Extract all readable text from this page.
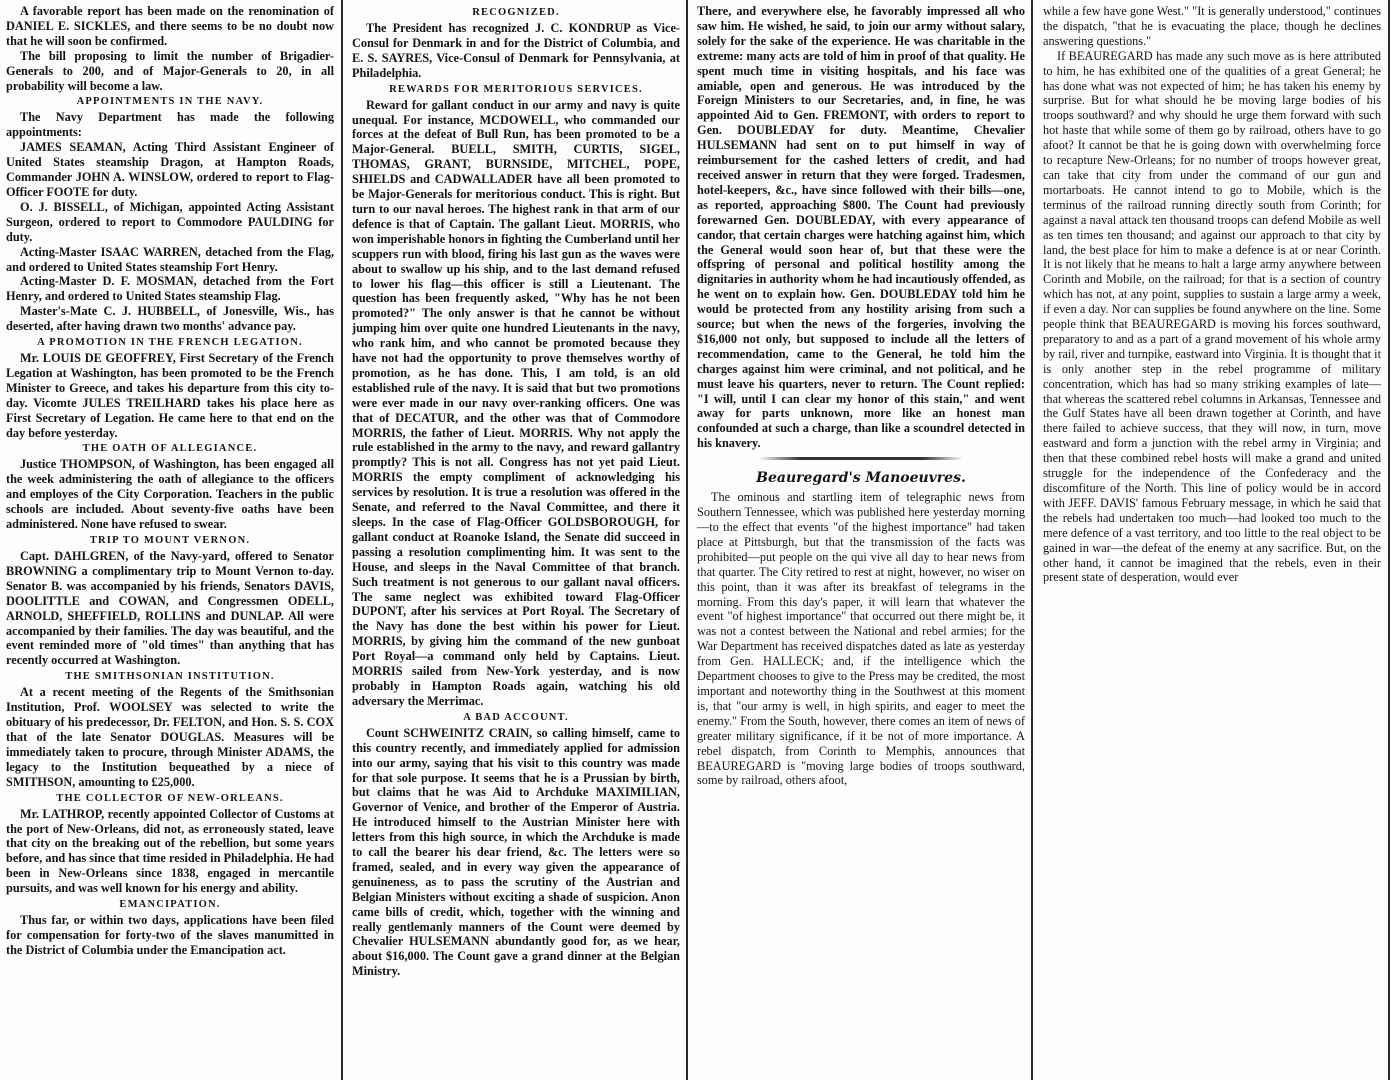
A favorable report has been made on the renomination of DANIEL E. SICKLES, and there seems to be no doubt now that he will soon be confirmed.

The bill proposing to limit the number of Brigadier-Generals to 200, and of Major-Generals to 20, in all probability will become a law.

APPOINTMENTS IN THE NAVY.

The Navy Department has made the following appointments:

JAMES SEAMAN, Acting Third Assistant Engineer of United States steamship Dragon, at Hampton Roads, Commander JOHN A. WINSLOW, ordered to report to Flag-Officer FOOTE for duty.

O. J. BISSELL, of Michigan, appointed Acting Assistant Surgeon, ordered to report to Commodore PAULDING for duty.

Acting-Master ISAAC WARREN, detached from the Flag, and ordered to United States steamship Fort Henry.

Acting-Master D. F. MOSMAN, detached from the Fort Henry, and ordered to United States steamship Flag.

Master's-Mate C. J. HUBBELL, of Jonesville, Wis., has deserted, after having drawn two months' advance pay.

A PROMOTION IN THE FRENCH LEGATION.

Mr. LOUIS DE GEOFFREY, First Secretary of the French Legation at Washington, has been promoted to be the French Minister to Greece, and takes his departure from this city to-day. Vicomte JULES TREILHARD takes his place here as First Secretary of Legation. He came here to that end on the day before yesterday.

THE OATH OF ALLEGIANCE.

Justice THOMPSON, of Washington, has been engaged all the week administering the oath of allegiance to the officers and employes of the City Corporation. Teachers in the public schools are included. About seventy-five oaths have been administered. None have refused to swear.

TRIP TO MOUNT VERNON.

Capt. DAHLGREN, of the Navy-yard, offered to Senator BROWNING a complimentary trip to Mount Vernon to-day. Senator B. was accompanied by his friends, Senators DAVIS, DOOLITTLE and COWAN, and Congressmen ODELL, ARNOLD, SHEFFIELD, ROLLINS and DUNLAP. All were accompanied by their families. The day was beautiful, and the event reminded more of "old times" than anything that has recently occurred at Washington.

THE SMITHSONIAN INSTITUTION.

At a recent meeting of the Regents of the Smithsonian Institution, Prof. WOOLSEY was selected to write the obituary of his predecessor, Dr. FELTON, and Hon. S. S. COX that of the late Senator DOUGLAS. Measures will be immediately taken to procure, through Minister ADAMS, the legacy to the Institution bequeathed by a niece of SMITHSON, amounting to £25,000.

THE COLLECTOR OF NEW-ORLEANS.

Mr. LATHROP, recently appointed Collector of Customs at the port of New-Orleans, did not, as erroneously stated, leave that city on the breaking out of the rebellion, but some years before, and has since that time resided in Philadelphia. He had been in New-Orleans since 1838, engaged in mercantile pursuits, and was well known for his energy and ability.

EMANCIPATION.

Thus far, or within two days, applications have been filed for compensation for forty-two of the slaves manumitted in the District of Columbia under the Emancipation act.

RECOGNIZED.

The President has recognized J. C. KONDRUP as Vice-Consul for Denmark in and for the District of Columbia, and E. S. SAYRES, Vice-Consul of Denmark for Pennsylvania, at Philadelphia.

REWARDS FOR MERITORIOUS SERVICES.

Reward for gallant conduct in our army and navy is quite unequal. For instance, MCDOWELL, who commanded our forces at the defeat of Bull Run, has been promoted to be a Major-General. BUELL, SMITH, CURTIS, SIGEL, THOMAS, GRANT, BURNSIDE, MITCHEL, POPE, SHIELDS and CADWALLADER have all been promoted to be Major-Generals for meritorious conduct. This is right. But turn to our naval heroes. The highest rank in that arm of our defence is that of Captain. The gallant Lieut. MORRIS, who won imperishable honors in fighting the Cumberland until her scuppers run with blood, firing his last gun as the waves were about to swallow up his ship, and to the last demand refused to lower his flag—this officer is still a Lieutenant. The question has been frequently asked, "Why has he not been promoted?" The only answer is that he cannot be without jumping him over quite one hundred Lieutenants in the navy, who rank him, and who cannot be promoted because they have not had the opportunity to prove themselves worthy of promotion, as he has done. This, I am told, is an old established rule of the navy. It is said that but two promotions were ever made in our navy over-ranking officers. One was that of DECATUR, and the other was that of Commodore MORRIS, the father of Lieut. MORRIS. Why not apply the rule established in the army to the navy, and reward gallantry promptly? This is not all. Congress has not yet paid Lieut. MORRIS the empty compliment of acknowledging his services by resolution. It is true a resolution was offered in the Senate, and referred to the Naval Committee, and there it sleeps. In the case of Flag-Officer GOLDSBOROUGH, for gallant conduct at Roanoke Island, the Senate did succeed in passing a resolution complimenting him. It was sent to the House, and sleeps in the Naval Committee of that branch. Such treatment is not generous to our gallant naval officers. The same neglect was exhibited toward Flag-Officer DUPONT, after his services at Port Royal. The Secretary of the Navy has done the best within his power for Lieut. MORRIS, by giving him the command of the new gunboat Port Royal—a command only held by Captains. Lieut. MORRIS sailed from New-York yesterday, and is now probably in Hampton Roads again, watching his old adversary the Merrimac.

A BAD ACCOUNT.

Count SCHWEINITZ CRAIN, so calling himself, came to this country recently, and immediately applied for admission into our army, saying that his visit to this country was made for that sole purpose. It seems that he is a Prussian by birth, but claims that he was Aid to Archduke MAXIMILIAN, Governor of Venice, and brother of the Emperor of Austria. He introduced himself to the Austrian Minister here with letters from this high source, in which the Archduke is made to call the bearer his dear friend, &c. The letters were so framed, sealed, and in every way given the appearance of genuineness, as to pass the scrutiny of the Austrian and Belgian Ministers without exciting a shade of suspicion. Anon came bills of credit, which, together with the winning and really gentlemanly manners of the Count were deemed by Chevalier HULSEMANN abundantly good for, as we hear, about $16,000. The Count gave a grand dinner at the Belgian Ministry.

There, and everywhere else, he favorably impressed all who saw him. He wished, he said, to join our army without salary, solely for the sake of the experience. He was charitable in the extreme: many acts are told of him in proof of that quality. He spent much time in visiting hospitals, and his face was amiable, open and generous. He was introduced by the Foreign Ministers to our Secretaries, and, in fine, he was appointed Aid to Gen. FREMONT, with orders to report to Gen. DOUBLEDAY for duty. Meantime, Chevalier HULSEMANN had sent on to put himself in way of reimbursement for the cashed letters of credit, and had received answer in return that they were forged. Tradesmen, hotel-keepers, &c., have since followed with their bills—one, as reported, approaching $800. The Count had previously forewarned Gen. DOUBLEDAY, with every appearance of candor, that certain charges were hatching against him, which the General would soon hear of, but that these were the offspring of personal and political hostility among the dignitaries in authority whom he had incautiously offended, as he went on to explain how. Gen. DOUBLEDAY told him he would be protected from any hostility arising from such a source; but when the news of the forgeries, involving the $16,000 not only, but supposed to include all the letters of recommendation, came to the General, he told him the charges against him were criminal, and not political, and he must leave his quarters, never to return. The Count replied: "I will, until I can clear my honor of this stain," and went away for parts unknown, more like an honest man confounded at such a charge, than like a scoundrel detected in his knavery.

Beauregard's Manoeuvres.

The ominous and startling item of telegraphic news from Southern Tennessee, which was published here yesterday morning—to the effect that events "of the highest importance" had taken place at Pittsburgh, but that the transmission of the facts was prohibited—put people on the qui vive all day to hear news from that quarter. The City retired to rest at night, however, no wiser on this point, than it was after its breakfast of telegrams in the morning. From this day's paper, it will learn that whatever the event "of highest importance" that occurred out there might be, it was not a contest between the National and rebel armies; for the War Department has received dispatches dated as late as yesterday from Gen. HALLECK; and, if the intelligence which the Department chooses to give to the Press may be credited, the most important and noteworthy thing in the Southwest at this moment is, that "our army is well, in high spirits, and eager to meet the enemy." From the South, however, there comes an item of news of greater military significance, if it be not of more importance. A rebel dispatch, from Corinth to Memphis, announces that BEAUREGARD is "moving large bodies of troops southward, some by railroad, others afoot,

while a few have gone West." "It is generally understood," continues the dispatch, "that he is evacuating the place, though he declines answering questions."

If BEAUREGARD has made any such move as is here attributed to him, he has exhibited one of the qualities of a great General; he has done what was not expected of him; he has taken his enemy by surprise. But for what should he be moving large bodies of his troops southward? and why should he urge them forward with such hot haste that while some of them go by railroad, others have to go afoot? It cannot be that he is going down with overwhelming force to recapture New-Orleans; for no number of troops however great, can take that city from under the command of our gun and mortarboats. He cannot intend to go to Mobile, which is the terminus of the railroad running directly south from Corinth; for against a naval attack ten thousand troops can defend Mobile as well as ten times ten thousand; and against our approach to that city by land, the best place for him to make a defence is at or near Corinth. It is not likely that he means to halt a large army anywhere between Corinth and Mobile, on the railroad; for that is a section of country which has not, at any point, supplies to sustain a large army a week, if even a day. Nor can supplies be found anywhere on the line. Some people think that BEAUREGARD is moving his forces southward, preparatory to and as a part of a grand movement of his whole army by rail, river and turnpike, eastward into Virginia. It is thought that it is only another step in the rebel programme of military concentration, which has had so many striking examples of late—that whereas the scattered rebel columns in Arkansas, Tennessee and the Gulf States have all been drawn together at Corinth, and have there failed to achieve success, that they will now, in turn, move eastward and form a junction with the rebel army in Virginia; and then that these combined rebel hosts will make a grand and united struggle for the independence of the Confederacy and the discomfiture of the North. This line of policy would be in accord with JEFF. DAVIS' famous February message, in which he said that the rebels had undertaken too much—had looked too much to the mere defence of a vast territory, and too little to the real object to be gained in war—the defeat of the enemy at any sacrifice. But, on the other hand, it cannot be imagined that the rebels, even in their present state of desperation, would ever
